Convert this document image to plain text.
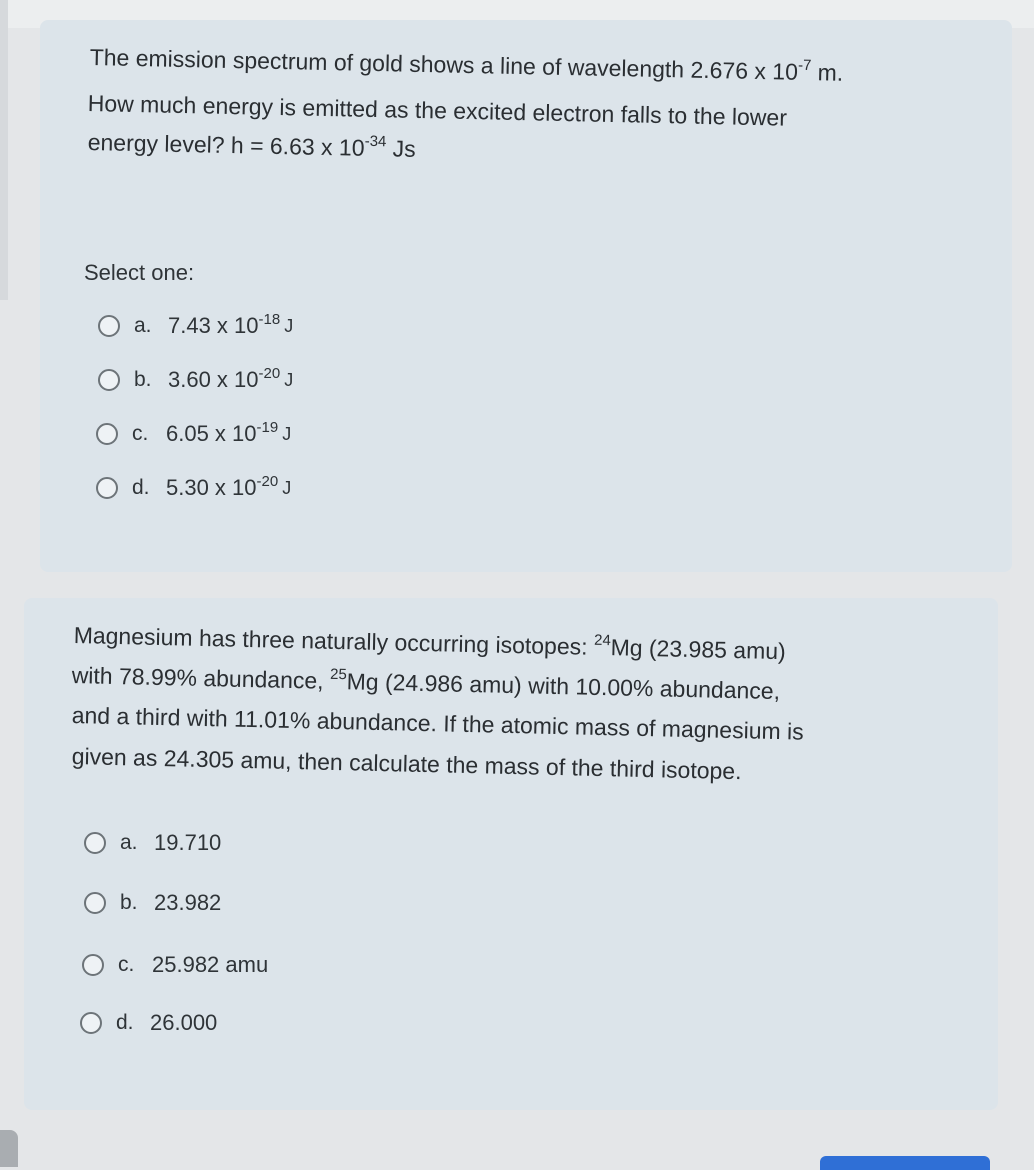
The emission spectrum of gold shows a line of wavelength 2.676 x $10^{-7}$ m.
How much energy is emitted as the excited electron falls to the lower
energy level? h = 6.63 x $10^{-34}$ Js
Select one:
a. 7.43 x $10^{-18}$ J
b. 3.60 x $10^{-20}$ J
c. 6.05 x $10^{-19}$ J
d. 5.30 x $10^{-20}$ J
Magnesium has three naturally occurring isotopes: $^{24}$Mg (23.985 amu)
with 78.99% abundance, $^{25}$Mg (24.986 amu) with 10.00% abundance,
and a third with 11.01% abundance. If the atomic mass of magnesium is
given as 24.305 amu, then calculate the mass of the third isotope.
a. 19.710
b. 23.982
c. 25.982 amu
d. 26.000
